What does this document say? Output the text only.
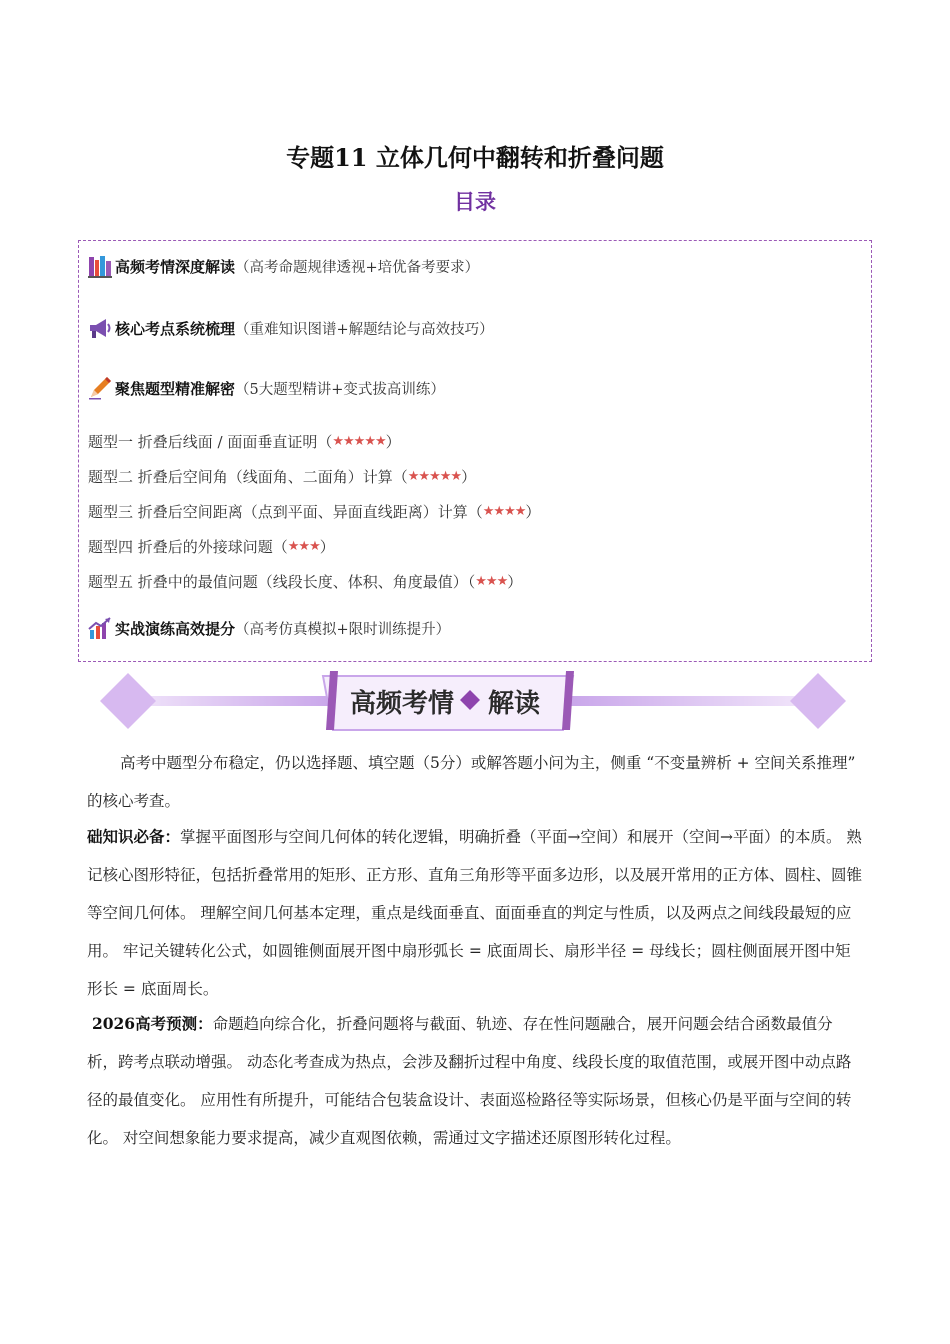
专题11 立体几何中翻转和折叠问题
目录
高频考情深度解读 （高考命题规律透视+培优备考要求）
核心考点系统梳理 （重难知识图谱+解题结论与高效技巧）
聚焦题型精准解密 （5大题型精讲+变式拔高训练）
题型一 折叠后线面 / 面面垂直证明（ ★★★★★ ）
题型二 折叠后空间角（线面角、二面角）计算（ ★★★★★ ）
题型三 折叠后空间距离（点到平面、异面直线距离）计算（ ★★★★ ）
题型四 折叠后的外接球问题（ ★★★ ）
题型五 折叠中的最值问题（线段长度、体积、角度最值）（ ★★★ ）
实战演练高效提分 （高考仿真模拟+限时训练提升）
高频考情 解读
高考中题型分布稳定，仍以选择题、填空题（5分）或解答题小问为主，侧重 “不变量辨析 + 空间关系推理” 的核心考查。
础知识必备：掌握平面图形与空间几何体的转化逻辑，明确折叠（平面→空间）和展开（空间→平面）的本质。 熟记核心图形特征，包括折叠常用的矩形、正方形、直角三角形等平面多边形，以及展开常用的正方体、圆柱、圆锥等空间几何体。 理解空间几何基本定理，重点是线面垂直、面面垂直的判定与性质，以及两点之间线段最短的应用。 牢记关键转化公式，如圆锥侧面展开图中扇形弧长 = 底面周长、扇形半径 = 母线长；圆柱侧面展开图中矩形长 = 底面周长。
2026高考预测：命题趋向综合化，折叠问题将与截面、轨迹、存在性问题融合，展开问题会结合函数最值分析，跨考点联动增强。 动态化考查成为热点，会涉及翻折过程中角度、线段长度的取值范围，或展开图中动点路径的最值变化。 应用性有所提升，可能结合包装盒设计、表面巡检路径等实际场景，但核心仍是平面与空间的转化。 对空间想象能力要求提高，减少直观图依赖，需通过文字描述还原图形转化过程。
